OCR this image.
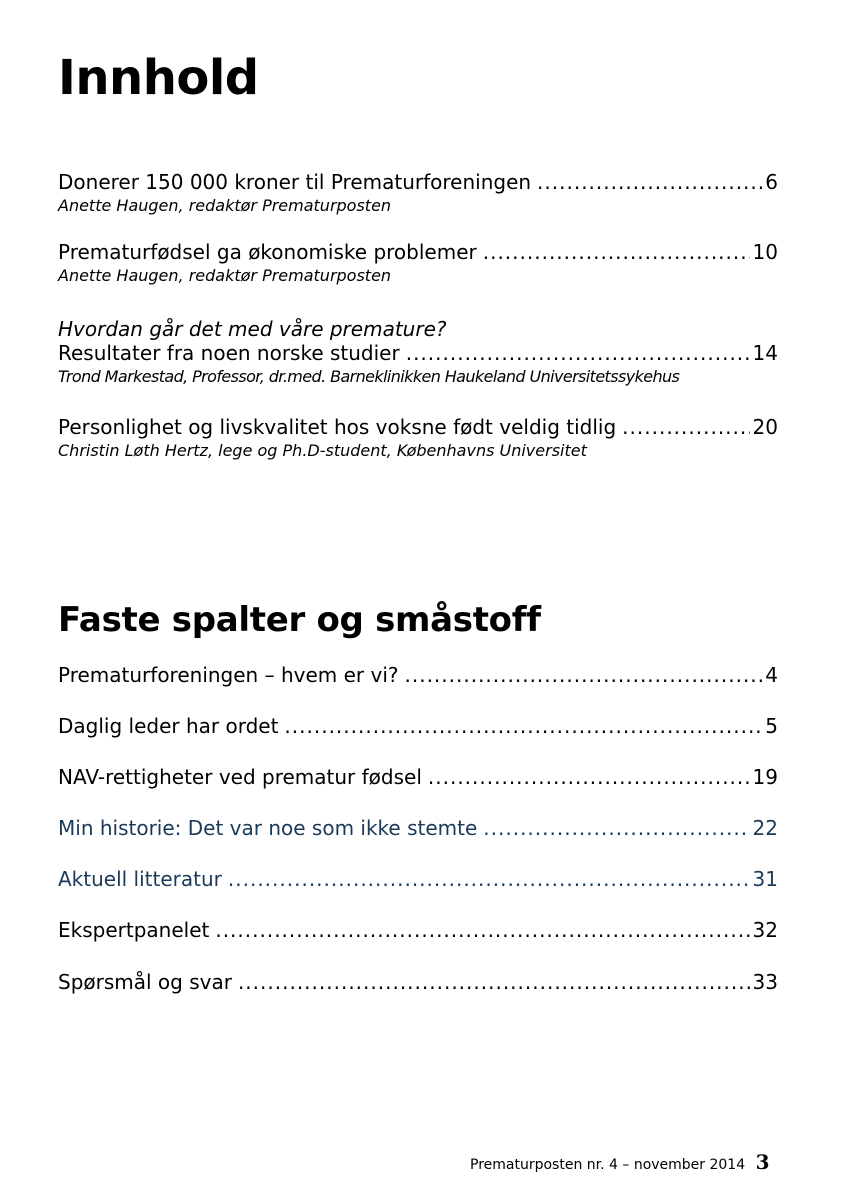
Innhold
Donerer 150 000 kroner til Prematurforeningen .....	6
Anette Haugen, redaktør Prematurposten
Prematurfødsel ga økonomiske problemer .....	10
Anette Haugen, redaktør Prematurposten
Hvordan går det med våre premature?
Resultater fra noen norske studier .....	14
Trond Markestad, Professor, dr.med. Barneklinikken Haukeland Universitetssykehus
Personlighet og livskvalitet hos voksne født veldig tidlig .....	20
Christin Løth Hertz, lege og Ph.D-student, Københavns Universitet
Faste spalter og småstoff
Prematurforeningen – hvem er vi? .....	4
Daglig leder har ordet .....	5
NAV-rettigheter ved prematur fødsel .....	19
Min historie: Det var noe som ikke stemte .....	22
Aktuell litteratur .....	31
Ekspertpanelet .....	32
Spørsmål og svar .....	33
Prematurposten nr. 4 – november 2014 3
